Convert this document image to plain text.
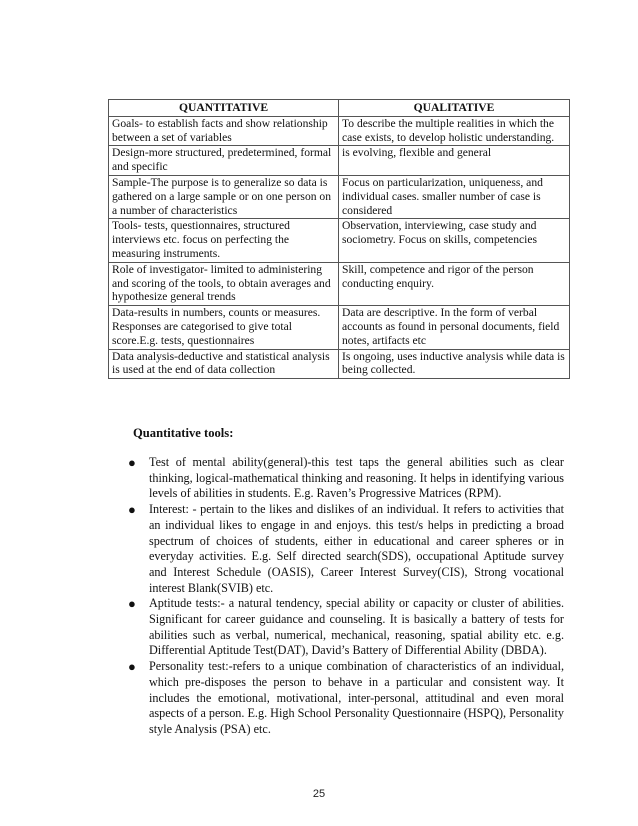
QUANTITATIVE	QUALITATIVE
Goals- to establish facts and show relationship between a set of variables	To describe the multiple realities in which the case exists, to develop holistic understanding.
Design-more structured, predetermined, formal and specific	is evolving, flexible and general
Sample-The purpose is to generalize so data is gathered on a large sample or on one person on a number of characteristics	Focus on particularization, uniqueness, and individual cases. smaller number of case is considered
Tools- tests, questionnaires, structured interviews etc. focus on perfecting the measuring instruments.	Observation, interviewing, case study and sociometry. Focus on skills, competencies
Role of investigator- limited to administering and scoring of the tools, to obtain averages and hypothesize general trends	Skill, competence and rigor of the person conducting enquiry.
Data-results in numbers, counts or measures. Responses are categorised to give total score.E.g. tests, questionnaires	Data are descriptive. In the form of verbal accounts as found in personal documents, field notes, artifacts etc
Data analysis-deductive and statistical analysis is used at the end of data collection	Is ongoing, uses inductive analysis while data is being collected.
Quantitative tools:
● Test of mental ability(general)-this test taps the general abilities such as clear thinking, logical-mathematical thinking and reasoning. It helps in identifying various levels of abilities in students. E.g. Raven’s Progressive Matrices (RPM).
● Interest: - pertain to the likes and dislikes of an individual. It refers to activities that an individual likes to engage in and enjoys. this test/s helps in predicting a broad spectrum of choices of students, either in educational and career spheres or in everyday activities. E.g. Self directed search(SDS), occupational Aptitude survey and Interest Schedule (OASIS), Career Interest Survey(CIS), Strong vocational interest Blank(SVIB) etc.
● Aptitude tests:- a natural tendency, special ability or capacity or cluster of abilities. Significant for career guidance and counseling. It is basically a battery of tests for abilities such as verbal, numerical, mechanical, reasoning, spatial ability etc. e.g. Differential Aptitude Test(DAT), David’s Battery of Differential Ability (DBDA).
● Personality test:-refers to a unique combination of characteristics of an individual, which pre-disposes the person to behave in a particular and consistent way. It includes the emotional, motivational, inter-personal, attitudinal and even moral aspects of a person. E.g. High School Personality Questionnaire (HSPQ), Personality style Analysis (PSA) etc.
25
